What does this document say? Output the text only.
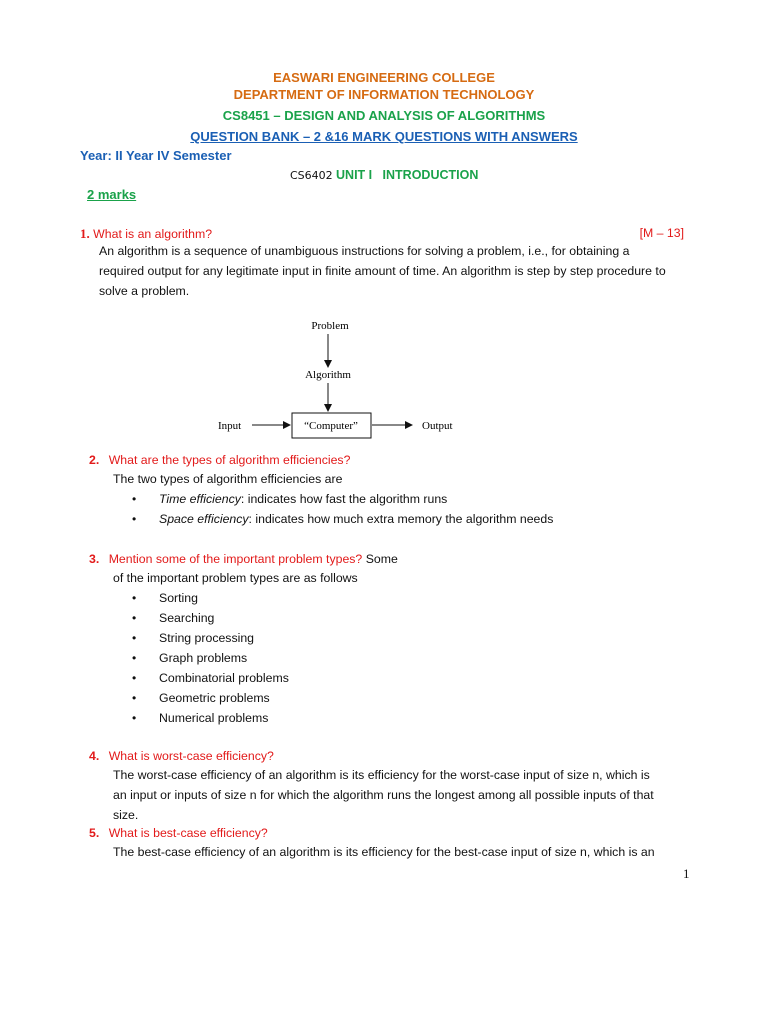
EASWARI ENGINEERING COLLEGE
DEPARTMENT OF INFORMATION TECHNOLOGY
CS8451 – DESIGN AND ANALYSIS OF ALGORITHMS
QUESTION BANK – 2 &16 MARK QUESTIONS WITH ANSWERS
Year: II Year IV Semester
CS6402 UNIT I   INTRODUCTION
2 marks
1. What is an algorithm?	[M – 13]
An algorithm is a sequence of unambiguous instructions for solving a problem, i.e., for obtaining a
required output for any legitimate input in finite amount of time. An algorithm is step by step procedure to
solve a problem.
Problem
Algorithm
“Computer”
Input	Output
2. What are the types of algorithm efficiencies?
The two types of algorithm efficiencies are
• Time efficiency: indicates how fast the algorithm runs
• Space efficiency: indicates how much extra memory the algorithm needs
3. Mention some of the important problem types? Some
of the important problem types are as follows
• Sorting
• Searching
• String processing
• Graph problems
• Combinatorial problems
• Geometric problems
• Numerical problems
4. What is worst-case efficiency?
The worst-case efficiency of an algorithm is its efficiency for the worst-case input of size n, which is
an input or inputs of size n for which the algorithm runs the longest among all possible inputs of that
size.
5. What is best-case efficiency?
The best-case efficiency of an algorithm is its efficiency for the best-case input of size n, which is an
1
